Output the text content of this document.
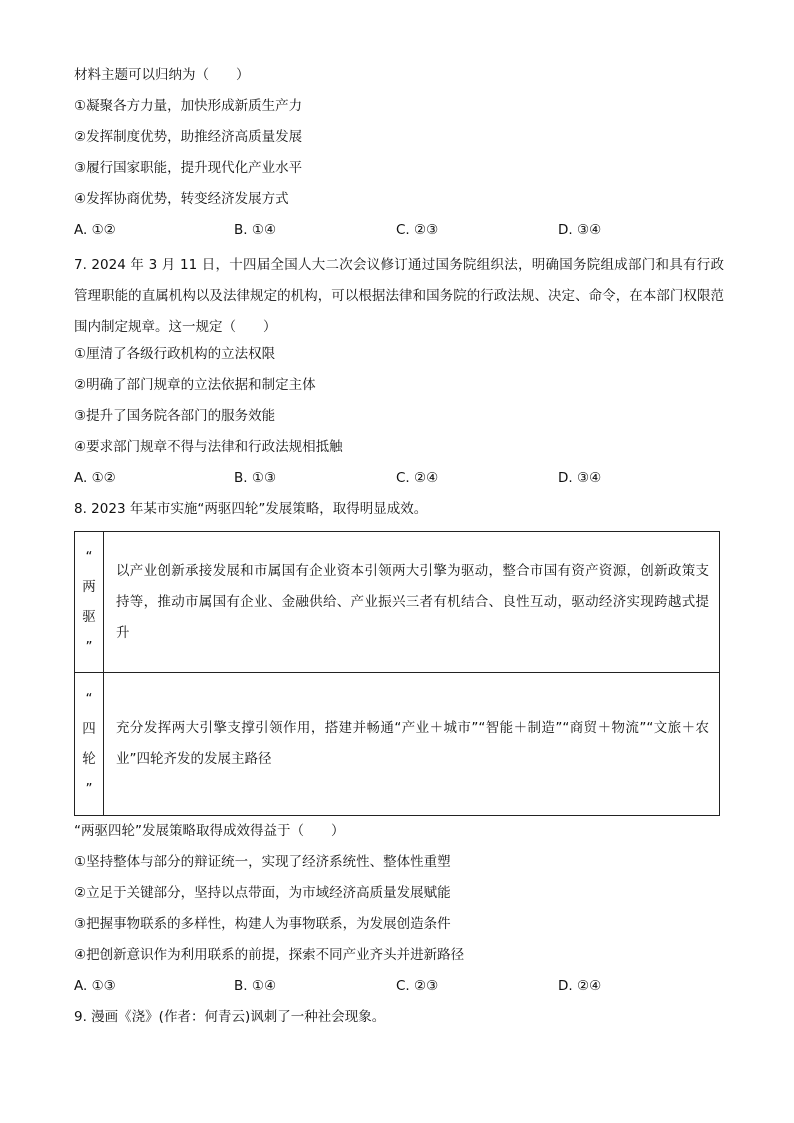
材料主题可以归纳为（　　）
①凝聚各方力量，加快形成新质生产力
②发挥制度优势，助推经济高质量发展
③履行国家职能，提升现代化产业水平
④发挥协商优势，转变经济发展方式
A. ①②	B. ①④	C. ②③	D. ③④

7. 2024 年 3 月 11 日，十四届全国人大二次会议修订通过国务院组织法，明确国务院组成部门和具有行政管理职能的直属机构以及法律规定的机构，可以根据法律和国务院的行政法规、决定、命令，在本部门权限范围内制定规章。这一规定（　　）

①厘清了各级行政机构的立法权限
②明确了部门规章的立法依据和制定主体
③提升了国务院各部门的服务效能
④要求部门规章不得与法律和行政法规相抵触
A. ①②	B. ①③	C. ②④	D. ③④
8. 2023 年某市实施“两驱四轮”发展策略，取得明显成效。
“
两
驱
”	以产业创新承接发展和市属国有企业资本引领两大引擎为驱动，整合市国有资产资源，创新政策支持等，推动市属国有企业、金融供给、产业振兴三者有机结合、良性互动，驱动经济实现跨越式提升

“
四
轮
”	充分发挥两大引擎支撑引领作用，搭建并畅通“产业＋城市”“智能＋制造”“商贸＋物流”“文旅＋农业”四轮齐发的发展主路径
“两驱四轮”发展策略取得成效得益于（　　）
①坚持整体与部分的辩证统一，实现了经济系统性、整体性重塑
②立足于关键部分，坚持以点带面，为市域经济高质量发展赋能
③把握事物联系的多样性，构建人为事物联系，为发展创造条件
④把创新意识作为利用联系的前提，探索不同产业齐头并进新路径
A. ①③	B. ①④	C. ②③	D. ②④
9. 漫画《浇》(作者：何青云)讽刺了一种社会现象。
